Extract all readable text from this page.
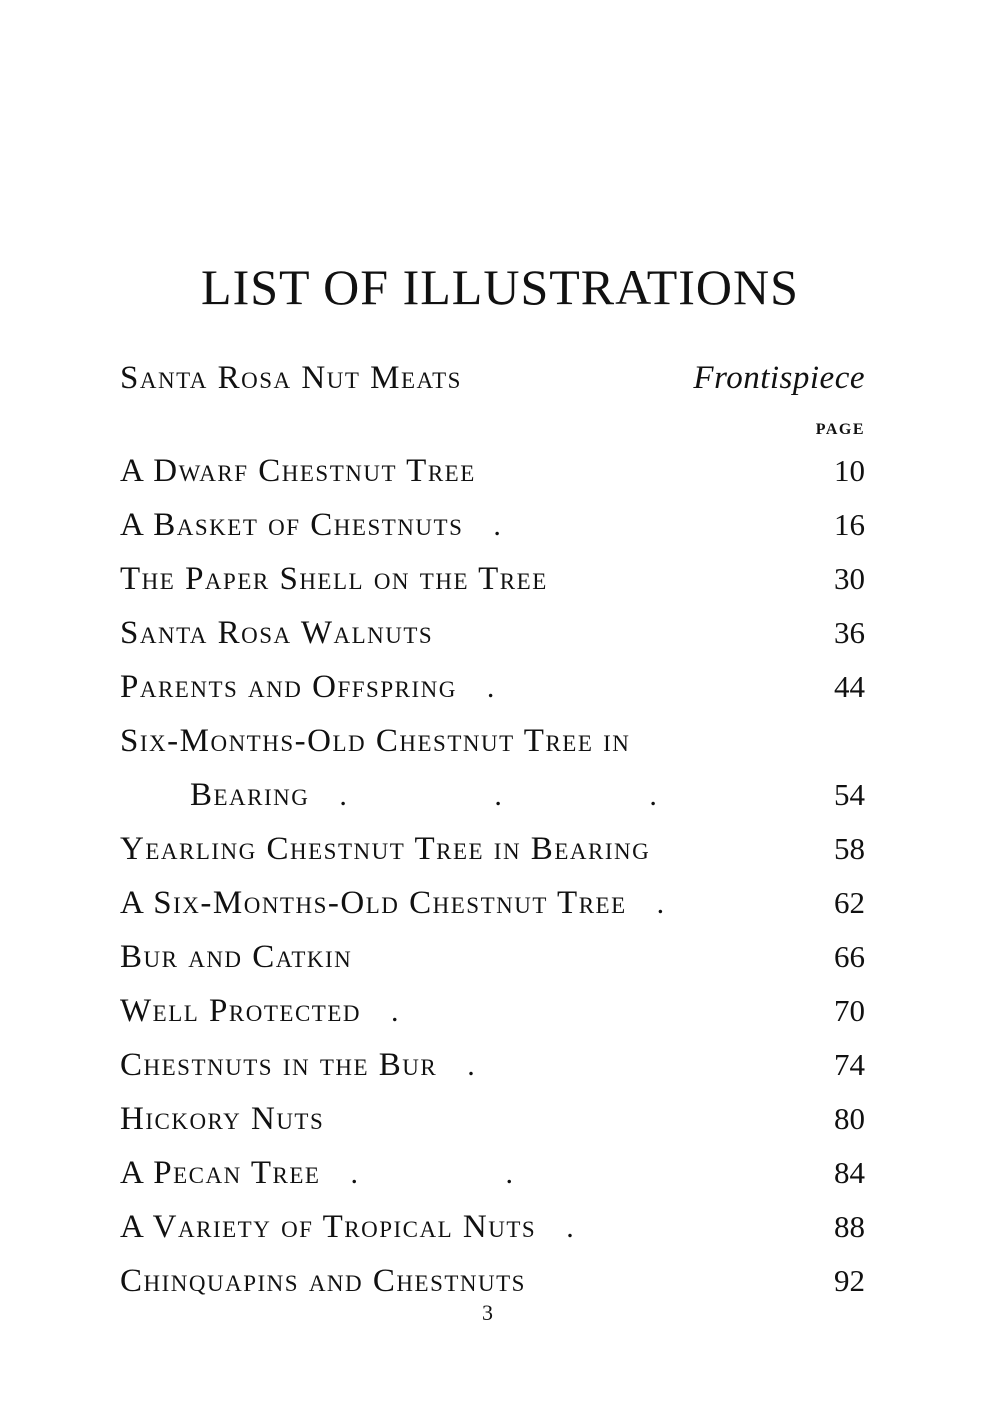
LIST OF ILLUSTRATIONS
Santa Rosa Nut Meats	Frontispiece
PAGE
A Dwarf Chestnut Tree	10
A Basket of Chestnuts .	16
The Paper Shell on the Tree	30
Santa Rosa Walnuts	36
Parents and Offspring .	44
Six-Months-Old Chestnut Tree in
Bearing . . .	54
Yearling Chestnut Tree in Bearing	58
A Six-Months-Old Chestnut Tree .	62
Bur and Catkin	66
Well Protected .	70
Chestnuts in the Bur .	74
Hickory Nuts	80
A Pecan Tree . .	84
A Variety of Tropical Nuts .	88
Chinquapins and Chestnuts	92
3
